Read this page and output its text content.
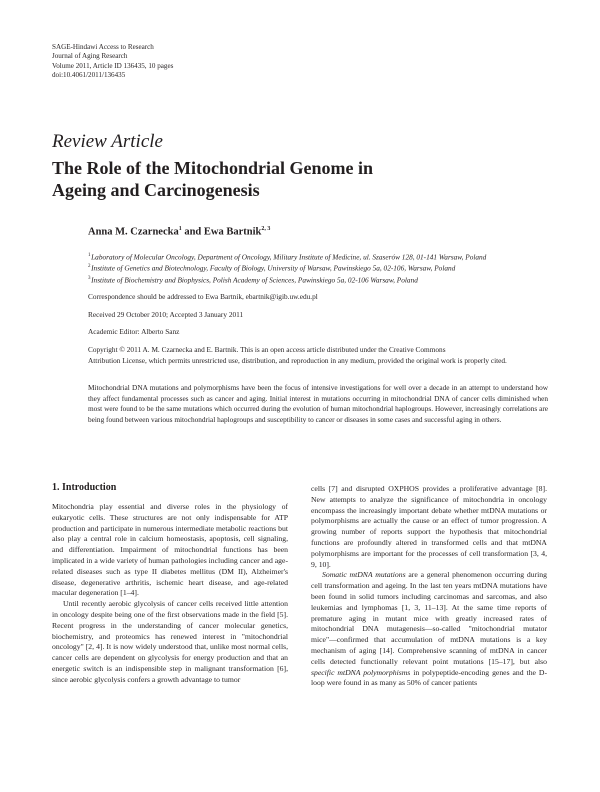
SAGE-Hindawi Access to Research
Journal of Aging Research
Volume 2011, Article ID 136435, 10 pages
doi:10.4061/2011/136435
Review Article
The Role of the Mitochondrial Genome in
Ageing and Carcinogenesis
Anna M. Czarnecka$^1$ and Ewa Bartnik$^{2, 3}$
$^1$ Laboratory of Molecular Oncology, Department of Oncology, Military Institute of Medicine, ul. Szaserów 128, 01-141 Warsaw, Poland
$^2$ Institute of Genetics and Biotechnology, Faculty of Biology, University of Warsaw, Pawinskiego 5a, 02-106, Warsaw, Poland
$^3$ Institute of Biochemistry and Biophysics, Polish Academy of Sciences, Pawinskiego 5a, 02-106 Warsaw, Poland
Correspondence should be addressed to Ewa Bartnik, ebartnik@igib.uw.edu.pl
Received 29 October 2010; Accepted 3 January 2011
Academic Editor: Alberto Sanz
Copyright © 2011 A. M. Czarnecka and E. Bartnik. This is an open access article distributed under the Creative Commons
Attribution License, which permits unrestricted use, distribution, and reproduction in any medium, provided the original work is properly cited.
Mitochondrial DNA mutations and polymorphisms have been the focus of intensive investigations for well over a decade in an attempt to understand how they affect fundamental processes such as cancer and aging. Initial interest in mutations occurring in mitochondrial DNA of cancer cells diminished when most were found to be the same mutations which occurred during the evolution of human mitochondrial haplogroups. However, increasingly correlations are being found between various mitochondrial haplogroups and susceptibility to cancer or diseases in some cases and successful aging in others.
1. Introduction

Mitochondria play essential and diverse roles in the physiology of eukaryotic cells. These structures are not only indispensable for ATP production and participate in numerous intermediate metabolic reactions but also play a central role in calcium homeostasis, apoptosis, cell signaling, and differentiation. Impairment of mitochondrial functions has been implicated in a wide variety of human pathologies including cancer and age-related diseases such as type II diabetes mellitus (DM II), Alzheimer's disease, degenerative arthritis, ischemic heart disease, and age-related macular degeneration [1–4].

Until recently aerobic glycolysis of cancer cells received little attention in oncology despite being one of the first observations made in the field [5]. Recent progress in the understanding of cancer molecular genetics, biochemistry, and proteomics has renewed interest in "mitochondrial oncology" [2, 4]. It is now widely understood that, unlike most normal cells, cancer cells are dependent on glycolysis for energy production and that an energetic switch is an indispensible step in malignant transformation [6], since aerobic glycolysis confers a growth advantage to tumor

cells [7] and disrupted OXPHOS provides a proliferative advantage [8]. New attempts to analyze the significance of mitochondria in oncology encompass the increasingly important debate whether mtDNA mutations or polymorphisms are actually the cause or an effect of tumor progression. A growing number of reports support the hypothesis that mitochondrial functions are profoundly altered in transformed cells and that mtDNA polymorphisms are important for the processes of cell transformation [3, 4, 9, 10].

Somatic mtDNA mutations are a general phenomenon occurring during cell transformation and ageing. In the last ten years mtDNA mutations have been found in solid tumors including carcinomas and sarcomas, and also leukemias and lymphomas [1, 3, 11–13]. At the same time reports of premature aging in mutant mice with greatly increased rates of mitochondrial DNA mutagenesis—so-called "mitochondrial mutator mice"—confirmed that accumulation of mtDNA mutations is a key mechanism of aging [14]. Comprehensive scanning of mtDNA in cancer cells detected functionally relevant point mutations [15–17], but also specific mtDNA polymorphisms in polypeptide-encoding genes and the D-loop were found in as many as 50% of cancer patients
